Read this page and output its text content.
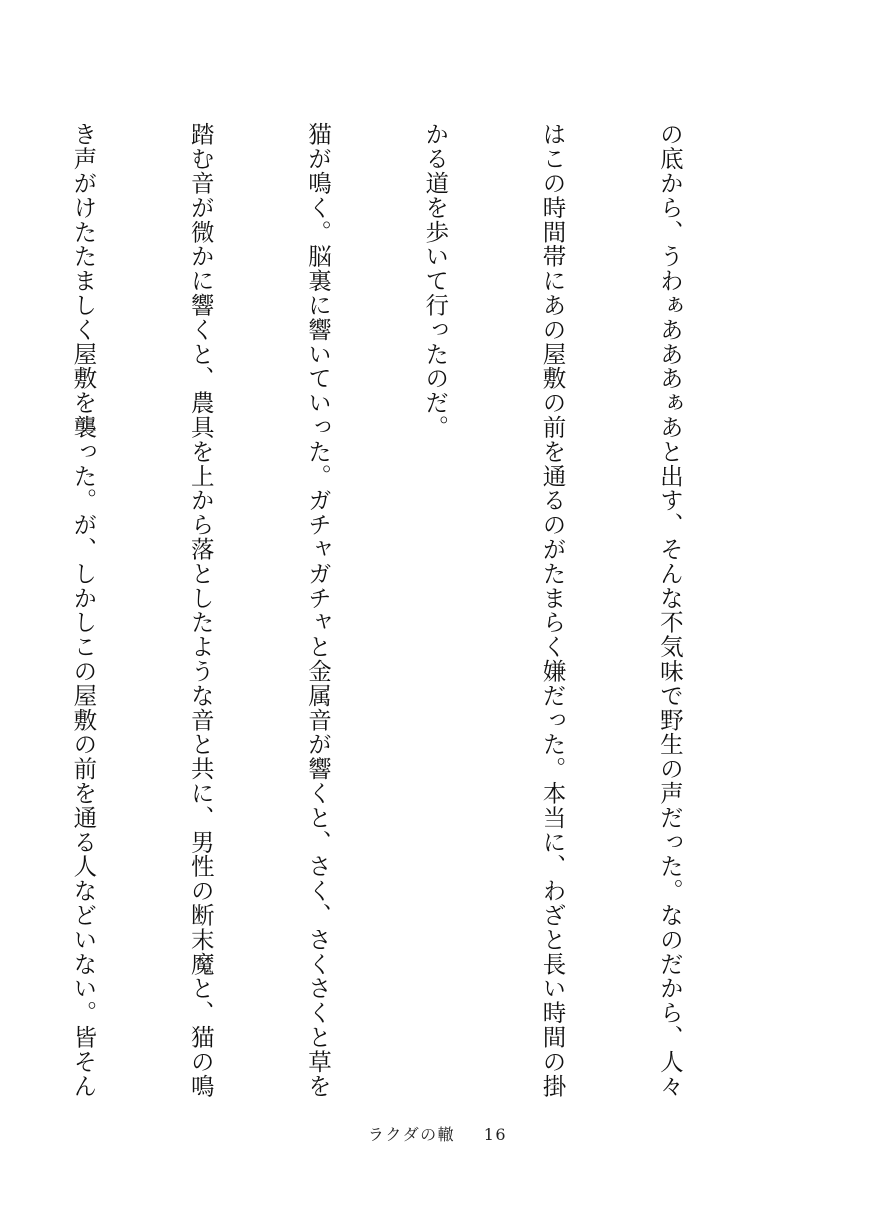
の底から、うわぁあああぁあと出す、そんな不気味で野生の声だった。なのだから、人々

はこの時間帯にあの屋敷の前を通るのがたまらく嫌だった。本当に、わざと長い時間の掛

かる道を歩いて行ったのだ。

猫が鳴く。脳裏に響いていった。ガチャガチャと金属音が響くと、さく、さくさくと草を

踏む音が微かに響くと、農具を上から落としたような音と共に、男性の断末魔と、猫の鳴

き声がけたたましく屋敷を襲った。が、しかしこの屋敷の前を通る人などいない。皆そん

ラクダの轍 16
